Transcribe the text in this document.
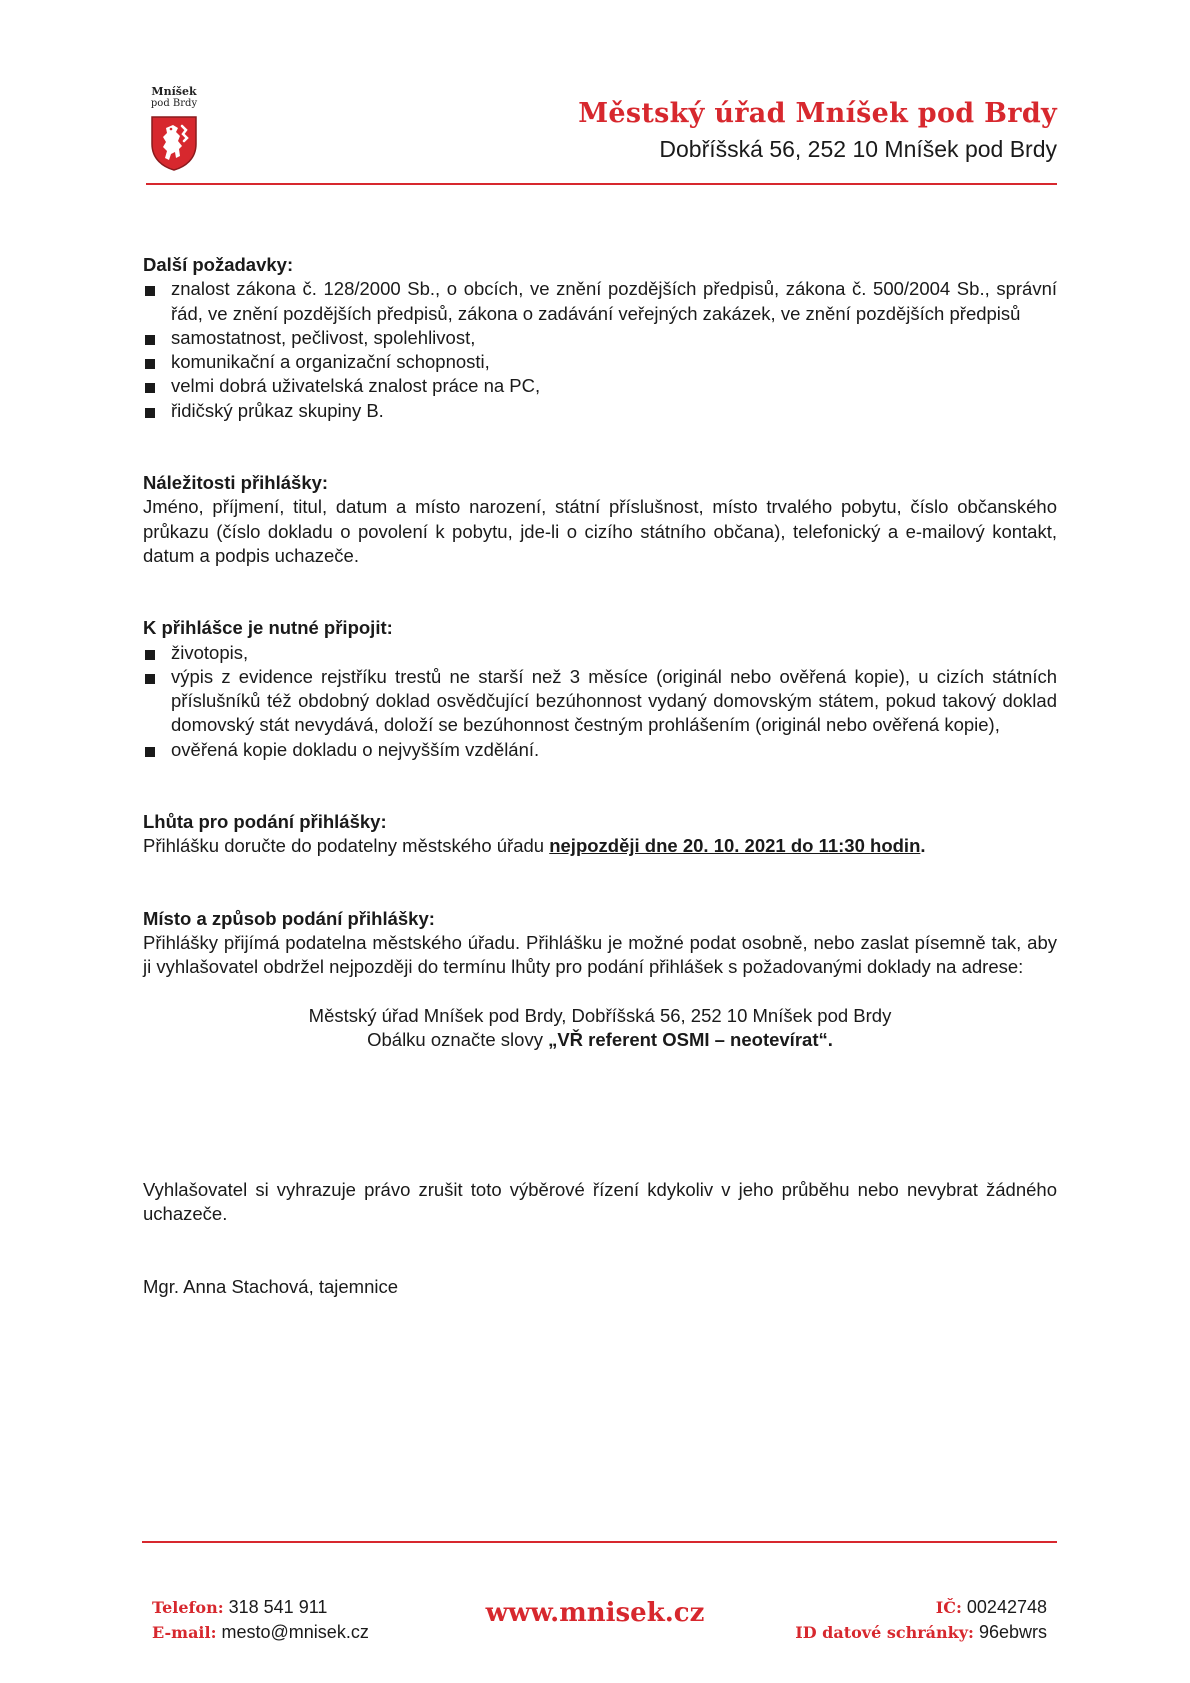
Mníšek
pod Brdy	Městský úřad Mníšek pod Brdy
Dobříšská 56, 252 10 Mníšek pod Brdy
Další požadavky:
znalost zákona č. 128/2000 Sb., o obcích, ve znění pozdějších předpisů, zákona č. 500/2004 Sb., správní řád, ve znění pozdějších předpisů, zákona o zadávání veřejných zakázek, ve znění pozdějších předpisů
samostatnost, pečlivost, spolehlivost,
komunikační a organizační schopnosti,
velmi dobrá uživatelská znalost práce na PC,
řidičský průkaz skupiny B.
Náležitosti přihlášky:
Jméno, příjmení, titul, datum a místo narození, státní příslušnost, místo trvalého pobytu, číslo občanského průkazu (číslo dokladu o povolení k pobytu, jde-li o cizího státního občana), telefonický a e-mailový kontakt, datum a podpis uchazeče.
K přihlášce je nutné připojit:
životopis,
výpis z evidence rejstříku trestů ne starší než 3 měsíce (originál nebo ověřená kopie), u cizích státních příslušníků též obdobný doklad osvědčující bezúhonnost vydaný domovským státem, pokud takový doklad domovský stát nevydává, doloží se bezúhonnost čestným prohlášením (originál nebo ověřená kopie),
ověřená kopie dokladu o nejvyšším vzdělání.
Lhůta pro podání přihlášky:
Přihlášku doručte do podatelny městského úřadu nejpozději dne 20. 10. 2021 do 11:30 hodin.
Místo a způsob podání přihlášky:
Přihlášky přijímá podatelna městského úřadu. Přihlášku je možné podat osobně, nebo zaslat písemně tak, aby ji vyhlašovatel obdržel nejpozději do termínu lhůty pro podání přihlášek s požadovanými doklady na adrese:
Městský úřad Mníšek pod Brdy, Dobříšská 56, 252 10 Mníšek pod Brdy
Obálku označte slovy „VŘ referent OSMI – neotevírat“.
Vyhlašovatel si vyhrazuje právo zrušit toto výběrové řízení kdykoliv v jeho průběhu nebo nevybrat žádného uchazeče.
Mgr. Anna Stachová, tajemnice
Telefon: 318 541 911
E-mail: mesto@mnisek.cz
www.mnisek.cz	IČ: 00242748
ID datové schránky: 96ebwrs
